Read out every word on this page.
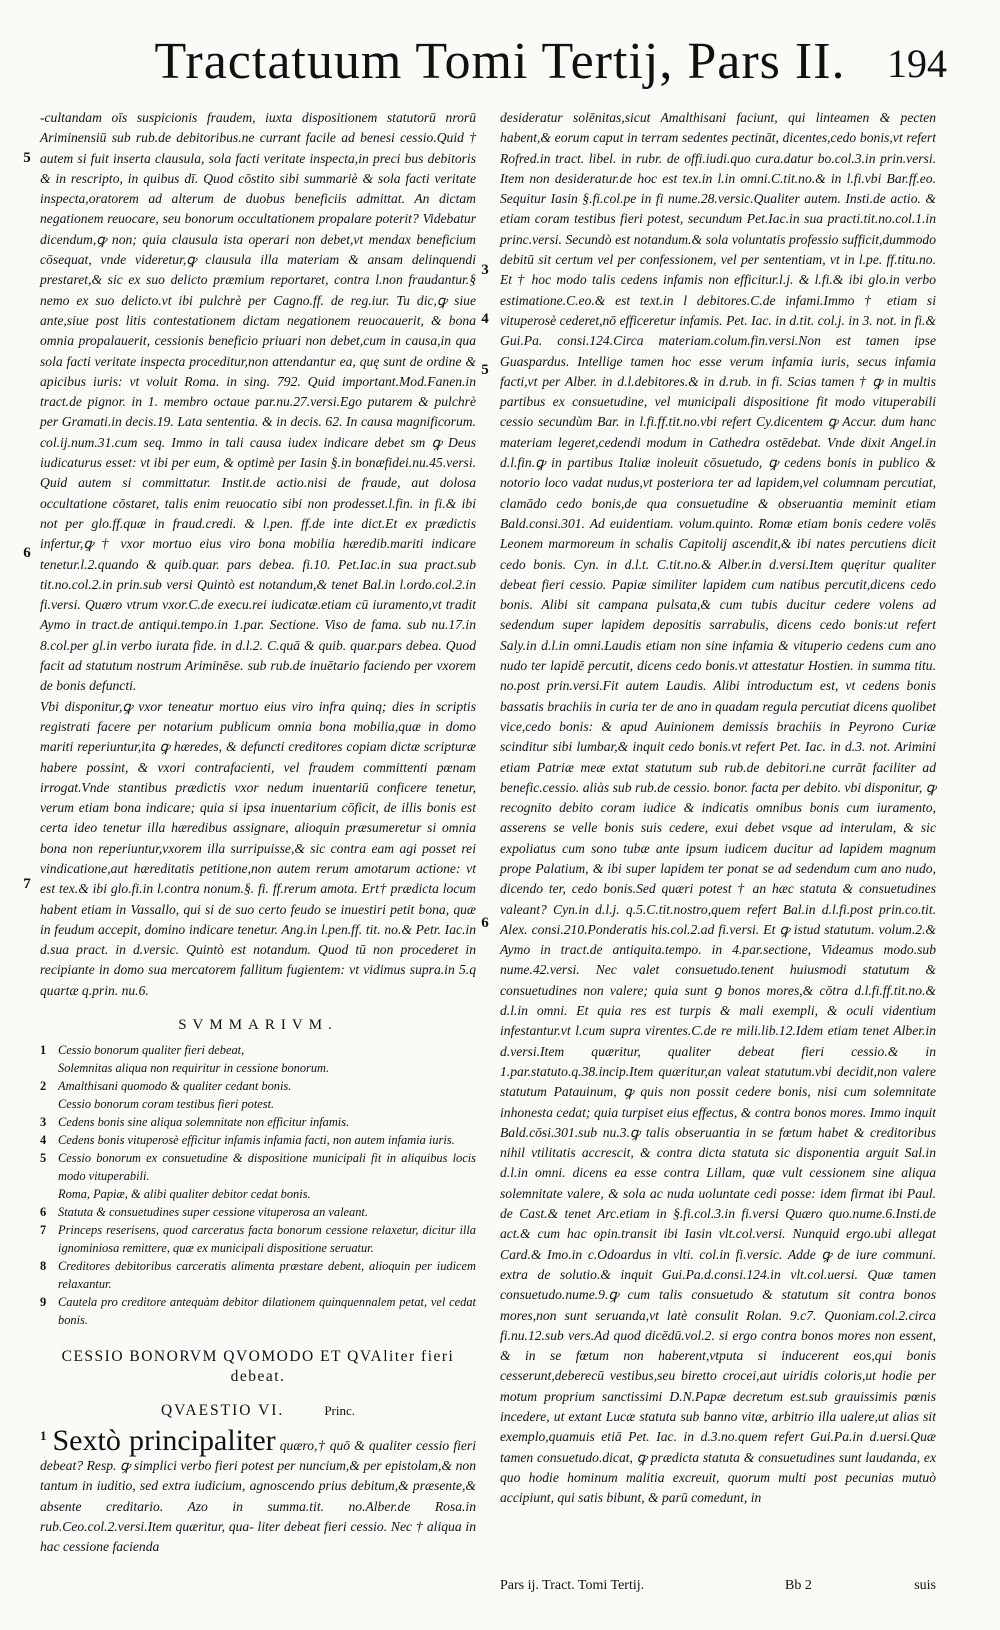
Tractatuum Tomi Tertij, Pars II.	194

-cultandam oīs suspicionis fraudem, iuxta dispositionem statutorū nrorū Ariminensiū sub rub.de debitoribus.ne currant facile ad benesi cessio.Quid † autem si fuit inserta clausula, sola facti veritate inspecta,in preci bus debitoris & in rescripto, in quibus dī. Quod cōstito sibi summariè & sola facti veritate inspecta,oratorem ad alterum de duobus beneficiis admittat. An dictam negationem reuocare, seu bonorum occultationem propalare poterit? Videbatur dicendum,ꝙ non; quia clausula ista operari non debet,vt mendax beneficium cōsequat, vnde videretur,ꝙ clausula illa materiam & ansam delinquendi prestaret,& sic ex suo delicto præmium reportaret, contra l.non fraudantur.§ nemo ex suo delicto.vt ibi pulchrè per Cagno.ff. de reg.iur. Tu dic,ꝙ siue ante,siue post litis contestationem dictam negationem reuocauerit, & bona omnia propalauerit, cessionis beneficio priuari non debet,cum in causa,in qua sola facti veritate inspecta proceditur,non attendantur ea, quę sunt de ordine & apicibus iuris: vt voluit Roma. in sing. 792. Quid important.Mod.Fanen.in tract.de pignor. in 1. membro octaue par.nu.27.versi.Ego putarem & pulchrè per Gramati.in decis.19. Lata sententia. & in decis. 62. In causa magnificorum. col.ij.num.31.cum seq. Immo in tali causa iudex indicare debet sm ꝙ Deus iudicaturus esset: vt ibi per eum, & optimè per Iasin §.in bonæfidei.nu.45.versi. Quid autem si committatur. Instit.de actio.nisi de fraude, aut dolosa occultatione cōstaret, talis enim reuocatio sibi non prodesset.l.fin. in fi.& ibi not per glo.ff.quæ in fraud.credi. & l.pen. ff.de inte dict.Et ex prædictis infertur,ꝙ † vxor mortuo eius viro bona mobilia hæredib.mariti indicare tenetur.l.2.quando & quib.quar. pars debea. fi.10. Pet.Iac.in sua pract.sub tit.no.col.2.in prin.sub versi Quintò est notandum,& tenet Bal.in l.ordo.col.2.in fi.versi. Quæro vtrum vxor.C.de execu.rei iudicatæ.etiam cū iuramento,vt tradit Aymo in tract.de antiqui.tempo.in 1.par. Sectione. Viso de fama. sub nu.17.in 8.col.per gl.in verbo iurata fide. in d.l.2. C.quā & quib. quar.pars debea. Quod facit ad statutum nostrum Ariminēse. sub rub.de inuētario faciendo per vxorem de bonis defuncti.

Vbi disponitur,ꝙ vxor teneatur mortuo eius viro infra quinq; dies in scriptis registrati facere per notarium publicum omnia bona mobilia,quæ in domo mariti reperiuntur,ita ꝙ hæredes, & defuncti creditores copiam dictæ scripturæ habere possint, & vxori contrafacienti, vel fraudem committenti pœnam irrogat.Vnde stantibus prædictis vxor nedum inuentariū conficere tenetur, verum etiam bona indicare; quia si ipsa inuentarium cōficit, de illis bonis est certa ideo tenetur illa hæredibus assignare, alioquin præsumeretur si omnia bona non reperiuntur,vxorem illa surripuisse,& sic contra eam agi posset rei vindicatione,aut hæreditatis petitione,non autem rerum amotarum actione: vt est tex.& ibi glo.fi.in l.contra nonum.§. fi. ff.rerum amota. Ert† prædicta locum habent etiam in Vassallo, qui si de suo certo feudo se inuestiri petit bona, quæ in feudum accepit, domino indicare tenetur. Ang.in l.pen.ff. tit. no.& Petr. Iac.in d.sua pract. in d.versic. Quintò est notandum. Quod tū non procederet in recipiante in domo sua mercatorem fallitum fugientem: vt vidimus supra.in 5.q quartæ q.prin. nu.6.

SVMMARIVM.
1 Cessio bonorum qualiter fieri debeat,
Solemnitas aliqua non requiritur in cessione bonorum.
2 Amalthisani quomodo & qualiter cedant bonis.
Cessio bonorum coram testibus fieri potest.
3 Cedens bonis sine aliqua solemnitate non efficitur infamis.
4 Cedens bonis vituperosè efficitur infamis infamia facti, non autem infamia iuris.
5 Cessio bonorum ex consuetudine & dispositione municipali fit in aliquibus locis modo vituperabili.
Roma, Papiæ, & alibi qualiter debitor cedat bonis.
6 Statuta & consuetudines super cessione vituperosa an valeant.
7 Princeps reserisens, quod carceratus facta bonorum cessione relaxetur, dicitur illa ignominiosa remittere, quæ ex municipali dispositione seruatur.
8 Creditores debitoribus carceratis alimenta præstare debent, alioquin per iudicem relaxantur.
9 Cautela pro creditore antequàm debitor dilationem quinquennalem petat, vel cedat bonis.
CESSIO BONORVM QVOMODO ET QVAliter fieri debeat.
QVAESTIO VI.	Princ.

1 Sextò principaliter quæro,† quō & qualiter cessio fieri debeat? Resp. ꝙ simplici verbo fieri potest per nuncium,& per epistolam,& non tantum in iuditio, sed extra iudicium, agnoscendo prius debitum,& præsente,& absente creditario. Azo in summa.tit. no.Alber.de Rosa.in rub.Ceo.col.2.versi.Item quæritur, qua- liter debeat fieri cessio. Nec † aliqua in hac cessione facienda

5
6
7

desideratur solēnitas,sicut Amalthisani faciunt, qui linteamen & pecten habent,& eorum caput in terram sedentes pectināt, dicentes,cedo bonis,vt refert Rofred.in tract. libel. in rubr. de offi.iudi.quo cura.datur bo.col.3.in prin.versi. Item non desideratur.de hoc est tex.in l.in omni.C.tit.no.& in l.fi.vbi Bar.ff.eo. Sequitur Iasin §.fi.col.pe in fi nume.28.versic.Qualiter autem. Insti.de actio. & etiam coram testibus fieri potest, secundum Pet.Iac.in sua practi.tit.no.col.1.in princ.versi. Secundò est notandum.& sola voluntatis professio sufficit,dummodo debitū sit certum vel per confessionem, vel per sententiam, vt in l.pe. ff.titu.no. Et † hoc modo talis cedens infamis non efficitur.l.j. & l.fi.& ibi glo.in verbo estimatione.C.eo.& est text.in l debitores.C.de infami.Immo † etiam si vituperosè cederet,nō efficeretur infamis. Pet. Iac. in d.tit. col.j. in 3. not. in fi.& Gui.Pa. consi.124.Circa materiam.colum.fin.versi.Non est tamen ipse Guaspardus. Intellige tamen hoc esse verum infamia iuris, secus infamia facti,vt per Alber. in d.l.debitores.& in d.rub. in fi. Scias tamen † ꝙ in multis partibus ex consuetudine, vel municipali dispositione fit modo vituperabili cessio secundùm Bar. in l.fi.ff.tit.no.vbi refert Cy.dicentem ꝙ Accur. dum hanc materiam legeret,cedendi modum in Cathedra ostēdebat. Vnde dixit Angel.in d.l.fin.ꝙ in partibus Italiæ inoleuit cōsuetudo, ꝙ cedens bonis in publico & notorio loco vadat nudus,vt posteriora ter ad lapidem,vel columnam percutiat, clamādo cedo bonis,de qua consuetudine & obseruantia meminit etiam Bald.consi.301. Ad euidentiam. volum.quinto. Romæ etiam bonis cedere volēs Leonem marmoreum in schalis Capitolij ascendit,& ibi nates percutiens dicit cedo bonis. Cyn. in d.l.t. C.tit.no.& Alber.in d.versi.Item quęritur qualiter debeat fieri cessio. Papiæ similiter lapidem cum natibus percutit,dicens cedo bonis. Alibi sit campana pulsata,& cum tubis ducitur cedere volens ad sedendum super lapidem depositis sarrabulis, dicens cedo bonis:ut refert Saly.in d.l.in omni.Laudis etiam non sine infamia & vituperio cedens cum ano nudo ter lapidē percutit, dicens cedo bonis.vt attestatur Hostien. in summa titu. no.post prin.versi.Fit autem Laudis. Alibi introductum est, vt cedens bonis bassatis brachiis in curia ter de ano in quadam regula percutiat dicens quolibet vice,cedo bonis: & apud Auinionem demissis brachiis in Peyrono Curiæ scinditur sibi lumbar,& inquit cedo bonis.vt refert Pet. Iac. in d.3. not. Arimini etiam Patriæ meæ extat statutum sub rub.de debitori.ne currāt faciliter ad benefic.cessio. aliàs sub rub.de cessio. bonor. facta per debito. vbi disponitur, ꝙ recognito debito coram iudice & indicatis omnibus bonis cum iuramento, asserens se velle bonis suis cedere, exui debet vsque ad interulam, & sic expoliatus cum sono tubæ ante ipsum iudicem ducitur ad lapidem magnum prope Palatium, & ibi super lapidem ter ponat se ad sedendum cum ano nudo, dicendo ter, cedo bonis.Sed quæri potest † an hæc statuta & consuetudines valeant? Cyn.in d.l.j. q.5.C.tit.nostro,quem refert Bal.in d.l.fi.post prin.co.tit. Alex. consi.210.Ponderatis his.col.2.ad fi.versi. Et ꝙ istud statutum. volum.2.& Aymo in tract.de antiquita.tempo. in 4.par.sectione, Videamus modo.sub nume.42.versi. Nec valet consuetudo.tenent huiusmodi statutum & consuetudines non valere; quia sunt ꝯ bonos mores,& cōtra d.l.fi.ff.tit.no.& d.l.in omni. Et quia res est turpis & mali exempli, & oculi videntium infestantur.vt l.cum supra virentes.C.de re mili.lib.12.Idem etiam tenet Alber.in d.versi.Item quæritur, qualiter debeat fieri cessio.& in 1.par.statuto.q.38.incip.Item quæritur,an valeat statutum.vbi decidit,non valere statutum Patauinum, ꝙ quis non possit cedere bonis, nisi cum solemnitate inhonesta cedat; quia turpiset eius effectus, & contra bonos mores. Immo inquit Bald.cōsi.301.sub nu.3.ꝙ talis obseruantia in se fœtum habet & creditoribus nihil vtilitatis accrescit, & contra dicta statuta sic disponentia arguit Sal.in d.l.in omni. dicens ea esse contra Lillam, quæ vult cessionem sine aliqua solemnitate valere, & sola ac nuda uoluntate cedi posse: idem firmat ibi Paul. de Cast.& tenet Arc.etiam in §.fi.col.3.in fi.versi Quæro quo.nume.6.Insti.de act.& cum hac opin.transit ibi Iasin vlt.col.versi. Nunquid ergo.ubi allegat Card.& Imo.in c.Odoardus in vlti. col.in fi.versic. Adde ꝙ de iure communi. extra de solutio.& inquit Gui.Pa.d.consi.124.in vlt.col.uersi. Quæ tamen consuetudo.nume.9.ꝙ cum talis consuetudo & statutum sit contra bonos mores,non sunt seruanda,vt latè consulit Rolan. 9.c7. Quoniam.col.2.circa fi.nu.12.sub vers.Ad quod dicēdū.vol.2. si ergo contra bonos mores non essent, & in se fœtum non haberent,vtputa si inducerent eos,qui bonis cesserunt,deberecū vestibus,seu biretto crocei,aut uiridis coloris,ut hodie per motum proprium sanctissimi D.N.Papæ decretum est.sub grauissimis pœnis incedere, ut extant Lucæ statuta sub banno vitæ, arbitrio illa ualere,ut alias sit exemplo,quamuis etiā Pet. Iac. in d.3.no.quem refert Gui.Pa.in d.uersi.Quæ tamen consuetudo.dicat, ꝙ prædicta statuta & consuetudines sunt laudanda, ex quo hodie hominum malitia excreuit, quorum multi post pecunias mutuò accipiunt, qui satis bibunt, & parū comedunt, in

3
4
5
6
Pars ij. Tract. Tomi Tertij.	Bb 2	suis
